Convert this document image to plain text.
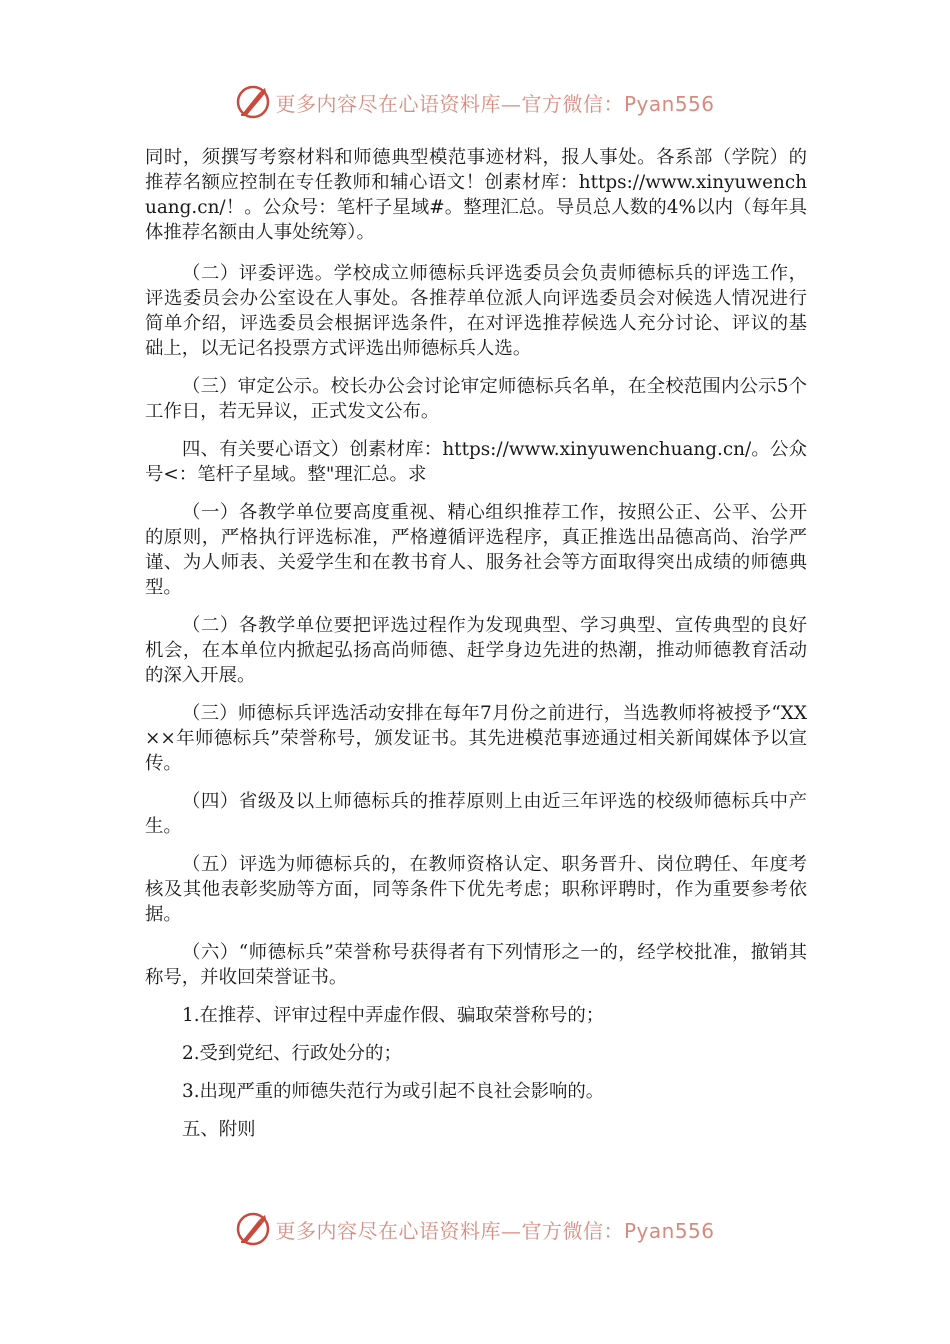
更多内容尽在心语资料库—官方微信：Pyan556

同时，须撰写考察材料和师德典型模范事迹材料，报人事处。各系部（学院）的推荐名额应控制在专任教师和辅心语文！创素材库：https://www.xinyuwenchuang.cn/！。公众号：笔杆子星域#。整理汇总。导员总人数的4%以内（每年具体推荐名额由人事处统筹）。

（二）评委评选。学校成立师德标兵评选委员会负责师德标兵的评选工作，评选委员会办公室设在人事处。各推荐单位派人向评选委员会对候选人情况进行简单介绍，评选委员会根据评选条件，在对评选推荐候选人充分讨论、评议的基础上，以无记名投票方式评选出师德标兵人选。

（三）审定公示。校长办公会讨论审定师德标兵名单，在全校范围内公示5个工作日，若无异议，正式发文公布。

四、有关要心语文）创素材库：https://www.xinyuwenchuang.cn/。公众号<：笔杆子星域。整"理汇总。求

（一）各教学单位要高度重视、精心组织推荐工作，按照公正、公平、公开的原则，严格执行评选标准，严格遵循评选程序，真正推选出品德高尚、治学严谨、为人师表、关爱学生和在教书育人、服务社会等方面取得突出成绩的师德典型。

（二）各教学单位要把评选过程作为发现典型、学习典型、宣传典型的良好机会，在本单位内掀起弘扬高尚师德、赶学身边先进的热潮，推动师德教育活动的深入开展。

（三）师德标兵评选活动安排在每年7月份之前进行，当选教师将被授予“XX××年师德标兵”荣誉称号，颁发证书。其先进模范事迹通过相关新闻媒体予以宣传。

（四）省级及以上师德标兵的推荐原则上由近三年评选的校级师德标兵中产生。

（五）评选为师德标兵的，在教师资格认定、职务晋升、岗位聘任、年度考核及其他表彰奖励等方面，同等条件下优先考虑；职称评聘时，作为重要参考依据。

（六）“师德标兵”荣誉称号获得者有下列情形之一的，经学校批准，撤销其称号，并收回荣誉证书。

1.在推荐、评审过程中弄虚作假、骗取荣誉称号的；

2.受到党纪、行政处分的；

3.出现严重的师德失范行为或引起不良社会影响的。

五、附则

更多内容尽在心语资料库—官方微信：Pyan556
